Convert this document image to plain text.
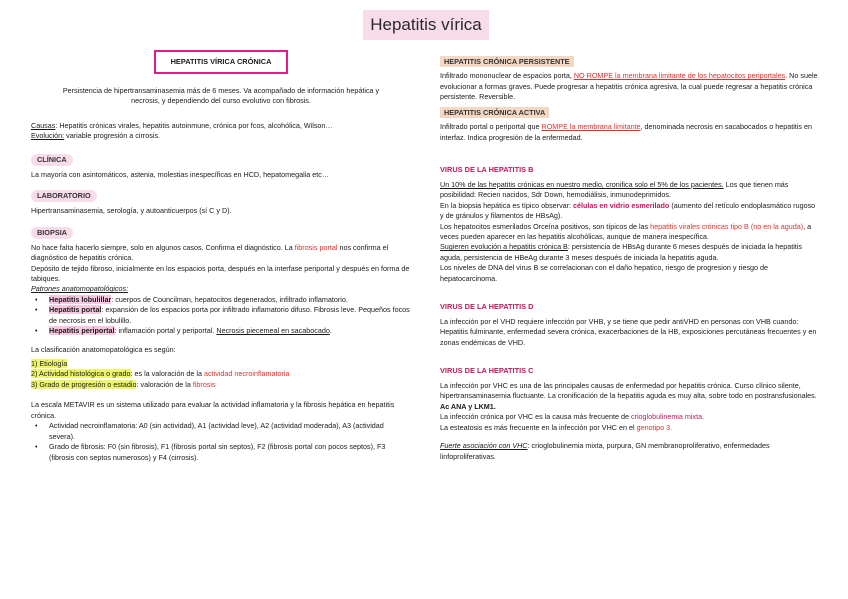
Hepatitis vírica
HEPATITIS VÍRICA CRÓNICA

Persistencia de hipertransaminasemia más de 6 meses. Va acompañado de información hepática y necrosis, y dependiendo del curso evolutivo con fibrosis.

Causas: Hepatitis crónicas virales, hepatitis autoinmune, crónica por fcos, alcohólica, Wilson…

Evolución: variable progresión a cirrosis.

CLÍNICA

La mayoría con asintomáticos, astenia, molestias inespecíficas en HCD, hepatomegalia etc…

LABORATORIO

Hipertransaminasemia, serología, y autoanticuerpos (sí C y D).

BIOPSIA

No hace falta hacerlo siempre, solo en algunos casos. Confirma el diagnóstico. La fibrosis portal nos confirma el diagnóstico de hepatitis crónica.

Depósito de tejido fibroso, inicialmente en los espacios porta, después en la interfase periportal y después en forma de tabiques.

Patrones anatomopatológicos:

• Hepatitis lobulillar: cuerpos de Councilman, hepatocitos degenerados, infiltrado inflamatorio.
• Hepatitis portal: expansión de los espacios porta por infiltrado inflamatorio difuso. Fibrosis leve. Pequeños focos de necrosis en el lobulillo.
• Hepatitis periportal: inflamación portal y periportal. Necrosis piecemeal en sacabocado.

La clasificación anatomopatológica es según:

1) Etiología

2) Actividad histológica o grado: es la valoración de la actividad necroinflamatoria

3) Grado de progresión o estadio: valoración de la fibrosis

La escala METAVIR es un sistema utilizado para evaluar la actividad inflamatoria y la fibrosis hepática en hepatitis crónica.

• Actividad necroinflamatoria: A0 (sin actividad), A1 (actividad leve), A2 (actividad moderada), A3 (actividad severa).
• Grado de fibrosis: F0 (sin fibrosis), F1 (fibrosis portal sin septos), F2 (fibrosis portal con pocos septos), F3 (fibrosis con septos numerosos) y F4 (cirrosis).
HEPATITIS CRÓNICA PERSISTENTE

Infiltrado mononuclear de espacios porta, NO ROMPE la membrana limitante de los hepatocitos periportales. No suele evolucionar a formas graves. Puede progresar a hepatitis crónica agresiva, la cual puede regresar a hepatitis crónica persistente. Reversible.

HEPATITIS CRÓNICA ACTIVA

Infiltrado portal o periportal que ROMPE la membrana limitante, denominada necrosis en sacabocados o hepatitis en interfaz. Indica progresión de la enfermedad.

VIRUS DE LA HEPATITIS B

Un 10% de las hepatitis crónicas en nuestro medio, cronifica solo el 5% de los pacientes. Los que tienen más posibilidad: Recien nacidos, Sdr Down, hemodiálisis, inmunodeprimidos.

En la biopsia hepática es típico observar: células en vidrio esmerilado (aumento del retículo endoplasmático rugoso y de gránulos y filamentos de HBsAg).

Los hepatocitos esmerilados Orceína positivos, son típicos de las hepatitis virales crónicas tipo B (no en la aguda), a veces pueden aparecer en las hepatitis alcohólicas, aunque de manera inespecífica.

Sugieren evolución a hepatitis crónica B: persistencia de HBsAg durante 6 meses después de iniciada la hepatitis aguda, persistencia de HBeAg durante 3 meses después de iniciada la hepatitis aguda.

Los niveles de DNA del virus B se correlacionan con el daño hepatico, riesgo de progresion y riesgo de hepatocarcinoma.

VIRUS DE LA HEPATITIS D

La infección por el VHD requiere infección por VHB, y se tiene que pedir antiVHD en personas con VHB cuando:

Hepatitis fulminante, enfermedad severa crónica, exacerbaciones de la HB, exposiciones percutáneas frecuentes y en zonas endémicas de VHD.

VIRUS DE LA HEPATITIS C

La infección por VHC es una de las principales causas de enfermedad por hepatitis crónica. Curso clínico silente, hipertransaminasemia fluctuante. La cronificación de la hepatitis aguda es muy alta, sobre todo en postransfusionales. Ac ANA y LKM1.

La infección crónica por VHC es la causa más frecuente de crioglobulinemia mixta.

La esteatosis es más frecuente en la infección por VHC en el genotipo 3.

Fuerte asociación con VHC: crioglobulinemia mixta, purpura, GN membranoproliferativo, enfermedades linfoproliferativas.
